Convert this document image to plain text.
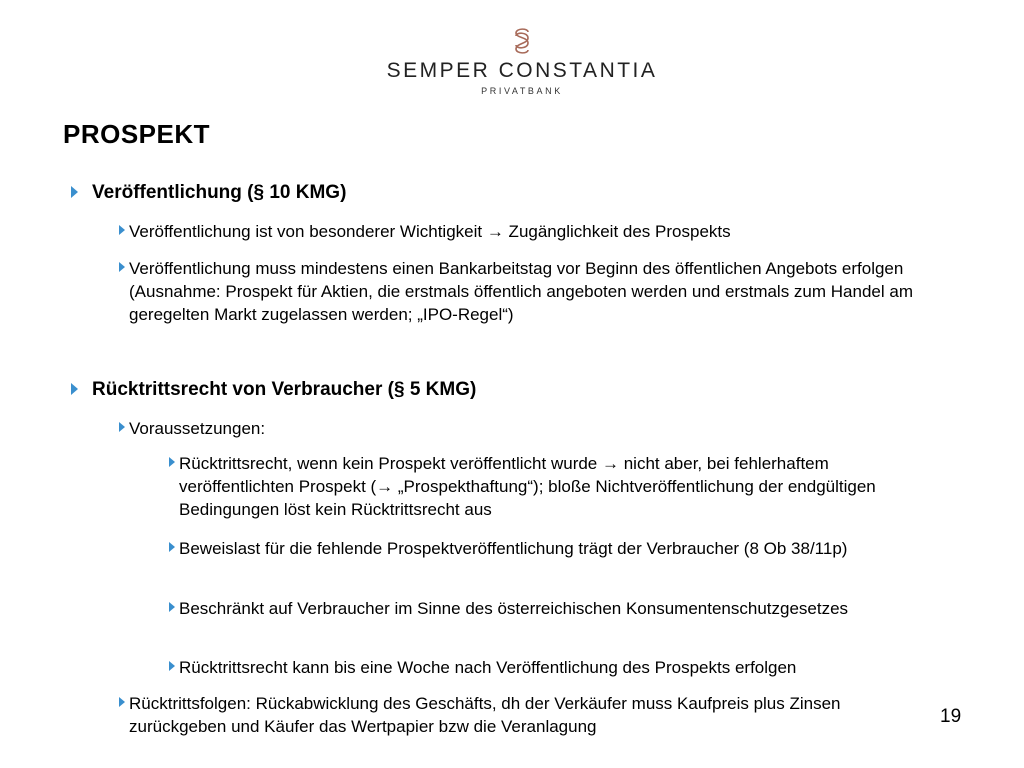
SEMPER CONSTANTIA
PRIVATBANK
PROSPEKT
Veröffentlichung (§ 10 KMG)
Veröffentlichung ist von besonderer Wichtigkeit → Zugänglichkeit des Prospekts
Veröffentlichung muss mindestens einen Bankarbeitstag vor Beginn des öffentlichen Angebots erfolgen (Ausnahme: Prospekt für Aktien, die erstmals öffentlich angeboten werden und erstmals zum Handel am geregelten Markt zugelassen werden; „IPO-Regel“)
Rücktrittsrecht von Verbraucher (§ 5 KMG)
Voraussetzungen:
Rücktrittsrecht, wenn kein Prospekt veröffentlicht wurde → nicht aber, bei fehlerhaftem veröffentlichten Prospekt (→ „Prospekthaftung“); bloße Nichtveröffentlichung der endgültigen Bedingungen löst kein Rücktrittsrecht aus
Beweislast für die fehlende Prospektveröffentlichung trägt der Verbraucher (8 Ob 38/11p)
Beschränkt auf Verbraucher im Sinne des österreichischen Konsumentenschutzgesetzes
Rücktrittsrecht kann bis eine Woche nach Veröffentlichung des Prospekts erfolgen
Rücktrittsfolgen: Rückabwicklung des Geschäfts, dh der Verkäufer muss Kaufpreis plus Zinsen zurückgeben und Käufer das Wertpapier bzw die Veranlagung	19
